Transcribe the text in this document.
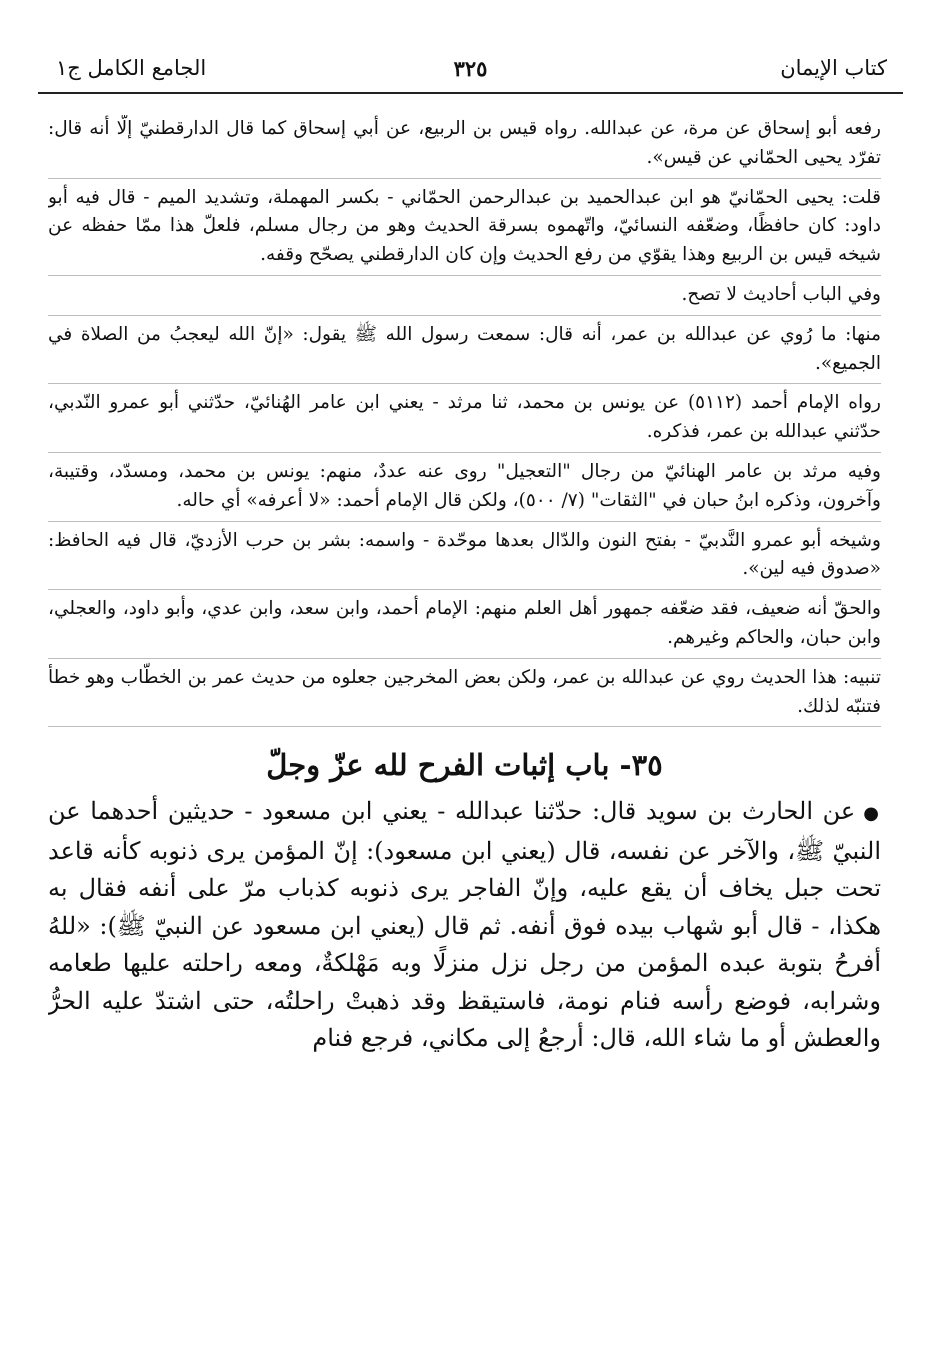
كتاب الإيمان
٣٢٥
الجامع الكامل ج١

رفعه أبو إسحاق عن مرة، عن عبدالله. رواه قيس بن الربيع، عن أبي إسحاق كما قال الدارقطنيّ إلّا أنه قال: تفرّد يحيى الحمّاني عن قيس».

قلت: يحيى الحمّانيّ هو ابن عبدالحميد بن عبدالرحمن الحمّاني - بكسر المهملة، وتشديد الميم - قال فيه أبو داود: كان حافظًا، وضعّفه النسائيّ، واتّهموه بسرقة الحديث وهو من رجال مسلم، فلعلّ هذا ممّا حفظه عن شيخه قيس بن الربيع وهذا يقوّي من رفع الحديث وإن كان الدارقطني يصحّح وقفه.

وفي الباب أحاديث لا تصح.

منها: ما رُوي عن عبدالله بن عمر، أنه قال: سمعت رسول الله ﷺ يقول: «إنّ الله ليعجبُ من الصلاة في الجميع».

رواه الإمام أحمد (٥١١٢) عن يونس بن محمد، ثنا مرثد - يعني ابن عامر الهُنائيّ، حدّثني أبو عمرو النّدبي، حدّثني عبدالله بن عمر، فذكره.

وفيه مرثد بن عامر الهنائيّ من رجال "التعجيل" روى عنه عددٌ، منهم: يونس بن محمد، ومسدّد، وقتيبة، وآخرون، وذكره ابنُ حبان في "الثقات" (٧/ ٥٠٠)، ولكن قال الإمام أحمد: «لا أعرفه» أي حاله.

وشيخه أبو عمرو النَّدبيّ - بفتح النون والدّال بعدها موحّدة - واسمه: بشر بن حرب الأزديّ، قال فيه الحافظ: «صدوق فيه لين».

والحقّ أنه ضعيف، فقد ضعّفه جمهور أهل العلم منهم: الإمام أحمد، وابن سعد، وابن عدي، وأبو داود، والعجلي، وابن حبان، والحاكم وغيرهم.

تنبيه: هذا الحديث روي عن عبدالله بن عمر، ولكن بعض المخرجين جعلوه من حديث عمر بن الخطّاب وهو خطأ فتنبّه لذلك.

٣٥- باب إثبات الفرح لله عزّ وجلّ

●عن الحارث بن سويد قال: حدّثنا عبدالله - يعني ابن مسعود - حديثين أحدهما عن النبيّ ﷺ، والآخر عن نفسه، قال (يعني ابن مسعود): إنّ المؤمن يرى ذنوبه كأنه قاعد تحت جبل يخاف أن يقع عليه، وإنّ الفاجر يرى ذنوبه كذباب مرّ على أنفه فقال به هكذا، - قال أبو شهاب بيده فوق أنفه. ثم قال (يعني ابن مسعود عن النبيّ ﷺ): «للهُ أفرحُ بتوبة عبده المؤمن من رجل نزل منزلًا وبه مَهْلكةٌ، ومعه راحلته عليها طعامه وشرابه، فوضع رأسه فنام نومة، فاستيقظ وقد ذهبتْ راحلتُه، حتى اشتدّ عليه الحرُّ والعطش أو ما شاء الله، قال: أرجعُ إلى مكاني، فرجع فنام
